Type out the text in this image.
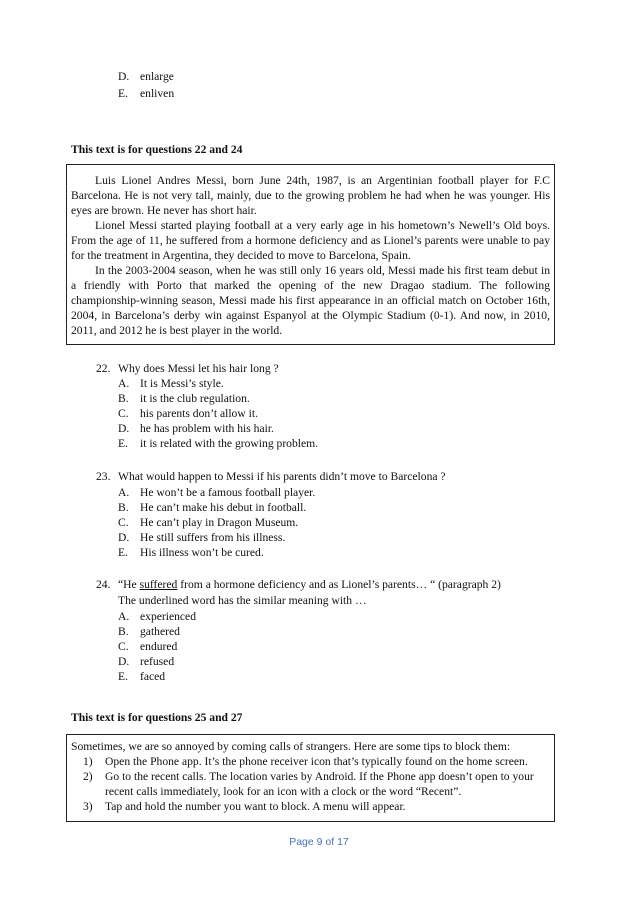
D. enlarge
E. enliven
This text is for questions 22 and 24

Luis Lionel Andres Messi, born June 24th, 1987, is an Argentinian football player for F.C Barcelona. He is not very tall, mainly, due to the growing problem he had when he was younger. His eyes are brown. He never has short hair.

Lionel Messi started playing football at a very early age in his hometown’s Newell’s Old boys. From the age of 11, he suffered from a hormone deficiency and as Lionel’s parents were unable to pay for the treatment in Argentina, they decided to move to Barcelona, Spain.

In the 2003-2004 season, when he was still only 16 years old, Messi made his first team debut in a friendly with Porto that marked the opening of the new Dragao stadium. The following championship-winning season, Messi made his first appearance in an official match on October 16th, 2004, in Barcelona’s derby win against Espanyol at the Olympic Stadium (0-1). And now, in 2010, 2011, and 2012 he is best player in the world.

22. Why does Messi let his hair long ?
A. It is Messi’s style.
B. it is the club regulation.
C. his parents don’t allow it.
D. he has problem with his hair.
E.	it is related with the growing problem.
23. What would happen to Messi if his parents didn’t move to Barcelona ?
A. He won’t be a famous football player.
B. He can’t make his debut in football.
C. He can’t play in Dragon Museum.
D. He still suffers from his illness.
E.	His illness won’t be cured.
24. “He suffered from a hormone deficiency and as Lionel’s parents… “ (paragraph 2)
The underlined word has the similar meaning with …
A. experienced
B. gathered
C. endured
D. refused
E.	faced
This text is for questions 25 and 27
Sometimes, we are so annoyed by coming calls of strangers. Here are some tips to block them:
1)	Open the Phone app. It’s the phone receiver icon that’s typically found on the home screen.
2)	Go to the recent calls. The location varies by Android. If the Phone app doesn’t open to your recent calls immediately, look for an icon with a clock or the word “Recent”.
3)	Tap and hold the number you want to block. A menu will appear.
Page 9 of 17
